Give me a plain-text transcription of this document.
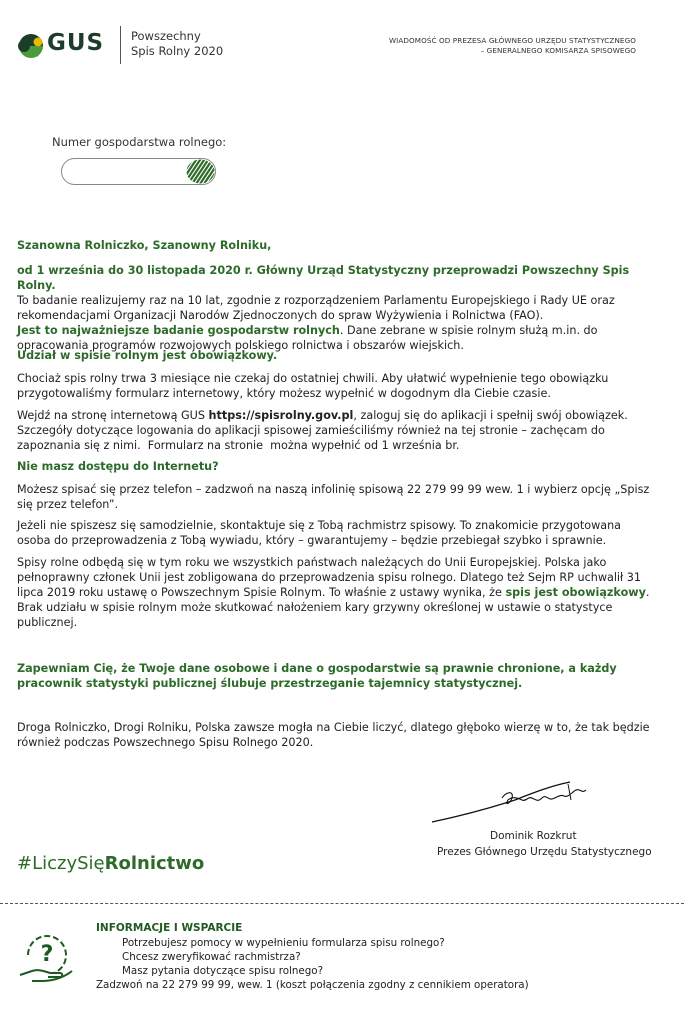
GUS Powszechny
Spis Rolny 2020
WIADOMOŚĆ OD PREZESA GŁÓWNEGO URZĘDU STATYSTYCZNEGO
– GENERALNEGO KOMISARZA SPISOWEGO
Numer gospodarstwa rolnego:
Szanowna Rolniczko, Szanowny Rolniku,
od 1 września do 30 listopada 2020 r. Główny Urząd Statystyczny przeprowadzi Powszechny Spis Rolny.
To badanie realizujemy raz na 10 lat, zgodnie z rozporządzeniem Parlamentu Europejskiego i Rady UE oraz rekomendacjami Organizacji Narodów Zjednoczonych do spraw Wyżywienia i Rolnictwa (FAO).
Jest to najważniejsze badanie gospodarstw rolnych. Dane zebrane w spisie rolnym służą m.in. do opracowania programów rozwojowych polskiego rolnictwa i obszarów wiejskich.
Udział w spisie rolnym jest obowiązkowy.
Chociaż spis rolny trwa 3 miesiące nie czekaj do ostatniej chwili. Aby ułatwić wypełnienie tego obowiązku przygotowaliśmy formularz internetowy, który możesz wypełnić w dogodnym dla Ciebie czasie.
Wejdź na stronę internetową GUS https://spisrolny.gov.pl, zaloguj się do aplikacji i spełnij swój obowiązek. Szczegóły dotyczące logowania do aplikacji spisowej zamieściliśmy również na tej stronie – zachęcam do zapoznania się z nimi.  Formularz na stronie  można wypełnić od 1 września br.
Nie masz dostępu do Internetu?
Możesz spisać się przez telefon – zadzwoń na naszą infolinię spisową 22 279 99 99 wew. 1 i wybierz opcję „Spisz się przez telefon”.
Jeżeli nie spiszesz się samodzielnie, skontaktuje się z Tobą rachmistrz spisowy. To znakomicie przygotowana osoba do przeprowadzenia z Tobą wywiadu, który – gwarantujemy – będzie przebiegał szybko i sprawnie.
Spisy rolne odbędą się w tym roku we wszystkich państwach należących do Unii Europejskiej. Polska jako pełnoprawny członek Unii jest zobligowana do przeprowadzenia spisu rolnego. Dlatego też Sejm RP uchwalił 31 lipca 2019 roku ustawę o Powszechnym Spisie Rolnym. To właśnie z ustawy wynika, że spis jest obowiązkowy. Brak udziału w spisie rolnym może skutkować nałożeniem kary grzywny określonej w ustawie o statystyce publicznej.
Zapewniam Cię, że Twoje dane osobowe i dane o gospodarstwie są prawnie chronione, a każdy pracownik statystyki publicznej ślubuje przestrzeganie tajemnicy statystycznej.
Droga Rolniczko, Drogi Rolniku, Polska zawsze mogła na Ciebie liczyć, dlatego głęboko wierzę w to, że tak będzie również podczas Powszechnego Spisu Rolnego 2020.
Dominik Rozkrut
Prezes Głównego Urzędu Statystycznego
#LiczySięRolnictwo
?
INFORMACJE I WSPARCIE
Potrzebujesz pomocy w wypełnieniu formularza spisu rolnego?
Chcesz zweryfikować rachmistrza?
Masz pytania dotyczące spisu rolnego?
Zadzwoń na 22 279 99 99, wew. 1 (koszt połączenia zgodny z cennikiem operatora)
